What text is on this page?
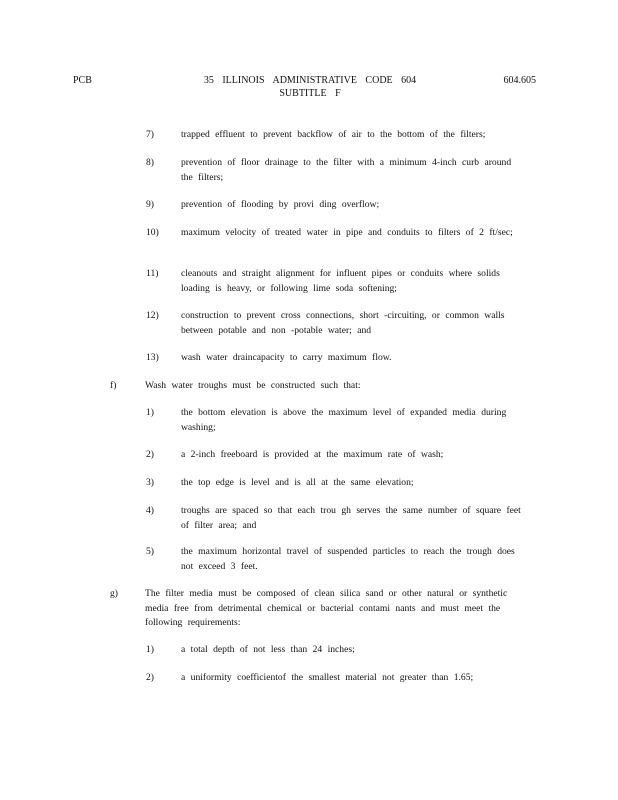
PCB	35 ILLINOIS ADMINISTRATIVE CODE 604
SUBTITLE F
604.605
7)	trapped effluent to prevent backflow of air to the bottom of the filters;
8)	prevention of floor drainage to the filter with a minimum 4-inch curb around the filters;
9)	prevention of flooding by provi ding overflow;
10) maximum velocity of treated water in pipe and conduits to filters of 2 ft/sec;
11) cleanouts and straight alignment for influent pipes or conduits where solids loading is heavy, or following lime soda softening;
12) construction to prevent cross connections, short -circuiting, or common walls between potable and non -potable water; and
13) wash water draincapacity to carry maximum flow.
f)	Wash water troughs must be constructed such that:
1)	the bottom elevation is above the maximum level of expanded media during washing;
2)	a 2-inch freeboard is provided at the maximum rate of wash;
3)	the top edge is level and is all at the same elevation;
4)	troughs are spaced so that each trou gh serves the same number of square feet of filter area; and
5)	the maximum horizontal travel of suspended particles to reach the trough does not exceed 3 feet.
g)	The filter media must be composed of clean silica sand or other natural or synthetic media free from detrimental chemical or bacterial contami nants and must meet the following requirements:
1)	a total depth of not less than 24 inches;
2)	a uniformity coefficientof the smallest material not greater than 1.65;
